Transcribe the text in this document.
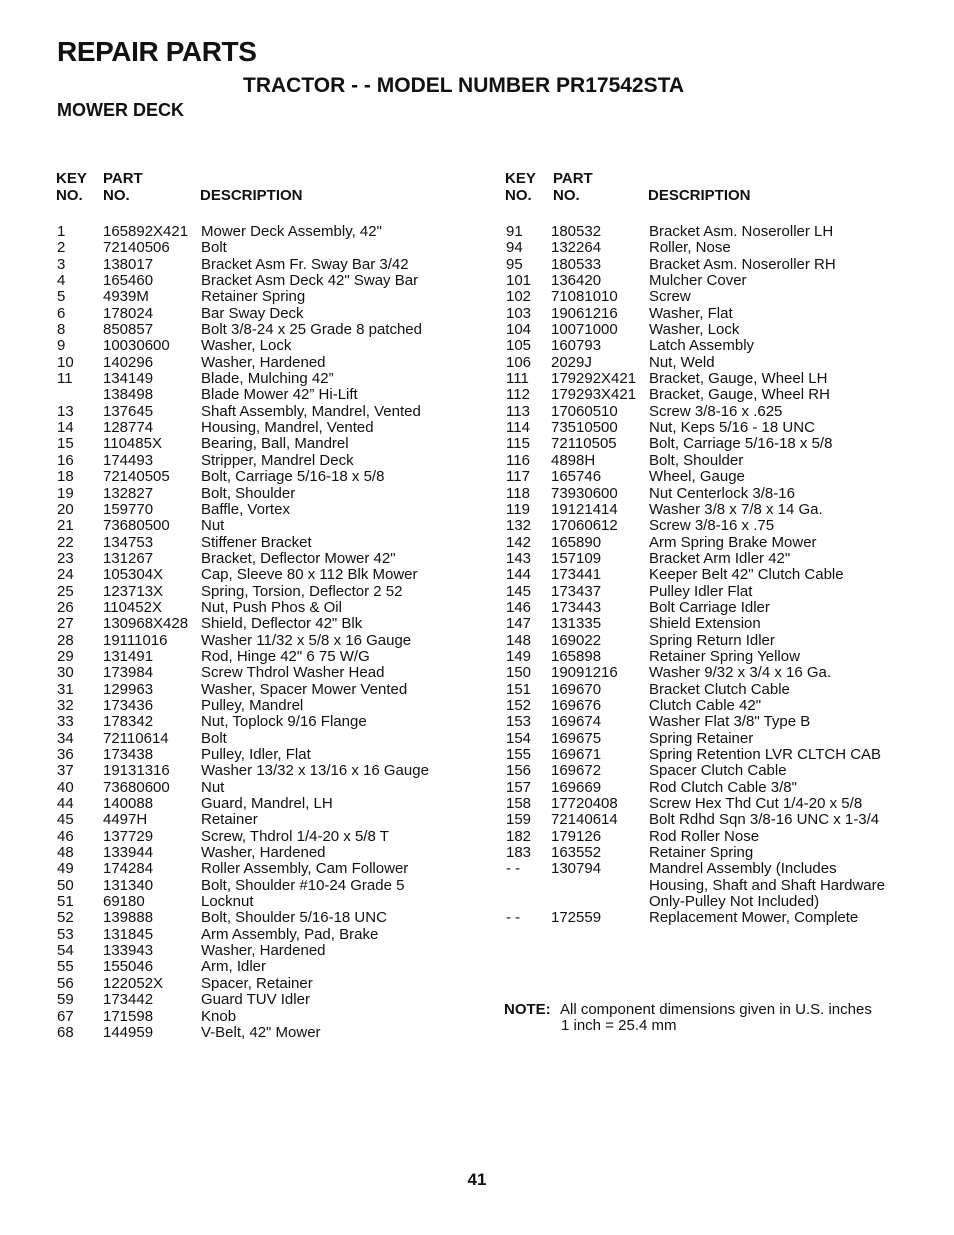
REPAIR PARTS
TRACTOR - - MODEL NUMBER PR17542STA
MOWER DECK
KEY
NO.
PART
NO.	DESCRIPTION
KEY
NO.
PART
NO.	DESCRIPTION
1	165892X421 Mower Deck Assembly, 42"
2	72140506	Bolt
3	138017	Bracket Asm Fr. Sway Bar 3/42
4	165460	Bracket Asm Deck 42" Sway Bar
5	4939M	Retainer Spring
6	178024	Bar Sway Deck
8	850857	Bolt 3/8-24 x 25 Grade 8 patched
9	10030600	Washer, Lock
10	140296	Washer, Hardened
11	134149	Blade, Mulching 42”
138498	Blade Mower 42” Hi-Lift
13	137645	Shaft Assembly, Mandrel, Vented
14	128774	Housing, Mandrel, Vented
15	110485X	Bearing, Ball, Mandrel
16	174493	Stripper, Mandrel Deck
18	72140505	Bolt, Carriage 5/16-18 x 5/8
19	132827	Bolt, Shoulder
20	159770	Baffle, Vortex
21	73680500	Nut
22	134753	Stiffener Bracket
23	131267	Bracket, Deflector Mower 42"
24	105304X	Cap, Sleeve 80 x 112 Blk Mower
25	123713X	Spring, Torsion, Deflector 2 52
26	110452X	Nut, Push Phos & Oil
27	130968X428 Shield, Deflector 42" Blk
28	19111016	Washer 11/32 x 5/8 x 16 Gauge
29	131491	Rod, Hinge 42" 6 75 W/G
30	173984	Screw Thdrol Washer Head
31	129963	Washer, Spacer Mower Vented
32	173436	Pulley, Mandrel
33	178342	Nut, Toplock 9/16 Flange
34	72110614	Bolt
36	173438	Pulley, Idler, Flat
37	19131316	Washer 13/32 x 13/16 x 16 Gauge
40	73680600	Nut
44	140088	Guard, Mandrel, LH
45	4497H	Retainer
46	137729	Screw, Thdrol 1/4-20 x 5/8 T
48	133944	Washer, Hardened
49	174284	Roller Assembly, Cam Follower
50	131340	Bolt, Shoulder #10-24 Grade 5
51	69180	Locknut
52	139888	Bolt, Shoulder 5/16-18 UNC
53	131845	Arm Assembly, Pad, Brake
54	133943	Washer, Hardened
55	155046	Arm, Idler
56	122052X	Spacer, Retainer
59	173442	Guard TUV Idler
67	171598	Knob
68	144959	V-Belt, 42" Mower
91	180532	Bracket Asm. Noseroller LH
94	132264	Roller, Nose
95	180533	Bracket Asm. Noseroller RH
101	136420	Mulcher Cover
102	71081010	Screw
103	19061216	Washer, Flat
104	10071000	Washer, Lock
105	160793	Latch Assembly
106	2029J	Nut, Weld
111	179292X421 Bracket, Gauge, Wheel LH
112	179293X421 Bracket, Gauge, Wheel RH
113	17060510	Screw 3/8-16 x .625
114	73510500	Nut, Keps 5/16 - 18 UNC
115	72110505	Bolt, Carriage 5/16-18 x 5/8
116	4898H	Bolt, Shoulder
117	165746	Wheel, Gauge
118	73930600	Nut Centerlock 3/8-16
119	19121414	Washer 3/8 x 7/8 x 14 Ga.
132	17060612	Screw 3/8-16 x .75
142	165890	Arm Spring Brake Mower
143	157109	Bracket Arm Idler 42"
144	173441	Keeper Belt 42" Clutch Cable
145	173437	Pulley Idler Flat
146	173443	Bolt Carriage Idler
147	131335	Shield Extension
148	169022	Spring Return Idler
149	165898	Retainer Spring Yellow
150	19091216	Washer 9/32 x 3/4 x 16 Ga.
151	169670	Bracket Clutch Cable
152	169676	Clutch Cable 42"
153	169674	Washer Flat 3/8" Type B
154	169675	Spring Retainer
155	169671	Spring Retention LVR CLTCH CAB
156	169672	Spacer Clutch Cable
157	169669	Rod Clutch Cable 3/8"
158	17720408	Screw Hex Thd Cut 1/4-20 x 5/8
159	72140614	Bolt Rdhd Sqn 3/8-16 UNC x 1-3/4
182	179126	Rod Roller Nose
183	163552	Retainer Spring
- -	130794	Mandrel Assembly (Includes
Housing, Shaft and Shaft Hardware
Only-Pulley Not Included)
- -	172559	Replacement Mower, Complete
NOTE: All component dimensions given in U.S. inches
1 inch = 25.4 mm
41
